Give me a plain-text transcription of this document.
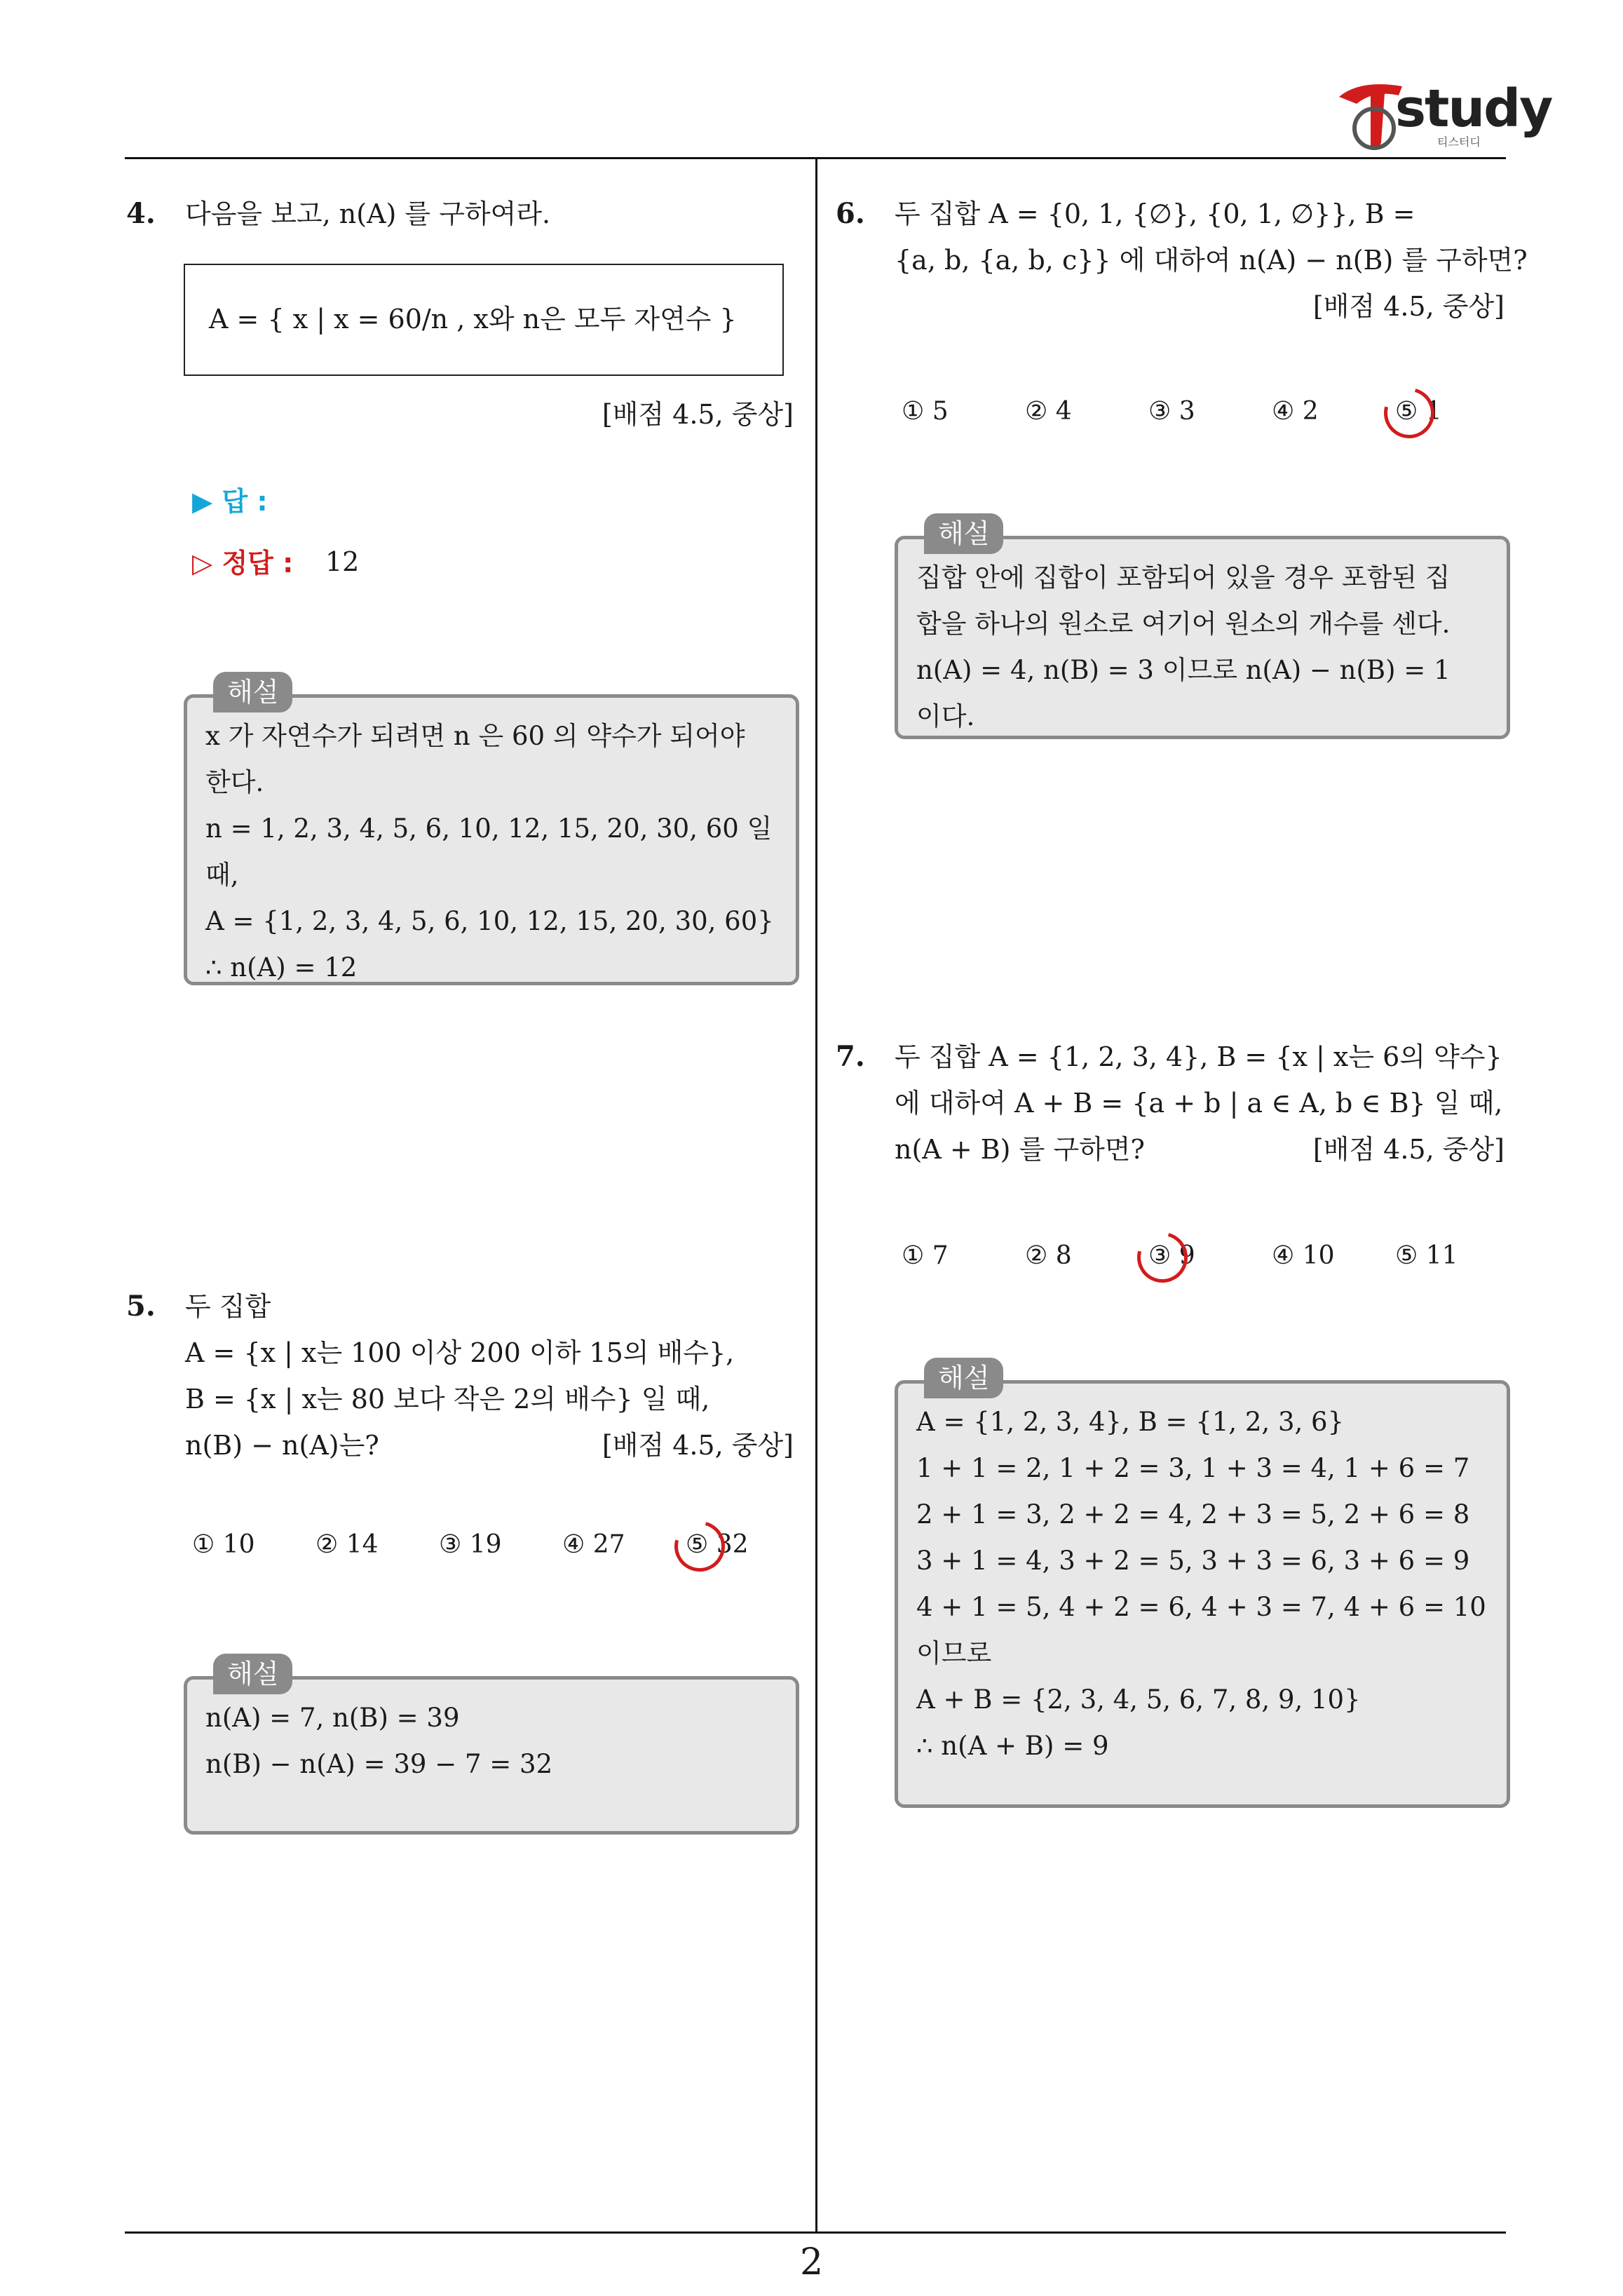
study
티스터디
4. 다음을 보고, n(A) 를 구하여라.
A = { x | x = 60/n , x와 n은 모두 자연수 }
[배점 4.5, 중상]
▶ 답 :
▷ 정답 : 12
x 가 자연수가 되려면 n 은 60 의 약수가 되어야
한다.
n = 1, 2, 3, 4, 5, 6, 10, 12, 15, 20, 30, 60 일
때,
A = {1, 2, 3, 4, 5, 6, 10, 12, 15, 20, 30, 60}
∴ n(A) = 12
해설
5. 두 집합
A = {x | x는 100 이상 200 이하 15의 배수},
B = {x | x는 80 보다 작은 2의 배수} 일 때,
n(B) − n(A)는?	[배점 4.5, 중상]
① 10 ② 14 ③ 19 ④ 27 ⑤ 32
n(A) = 7, n(B) = 39
n(B) − n(A) = 39 − 7 = 32
해설
6. 두 집합 A = {0, 1, {∅}, {0, 1, ∅}}, B =
{a, b, {a, b, c}} 에 대하여 n(A) − n(B) 를 구하면?
[배점 4.5, 중상]
① 5	② 4	③ 3	④ 2	⑤ 1
집합 안에 집합이 포함되어 있을 경우 포함된 집
합을 하나의 원소로 여기어 원소의 개수를 센다.
n(A) = 4, n(B) = 3 이므로 n(A) − n(B) = 1
이다.
해설
7. 두 집합 A = {1, 2, 3, 4}, B = {x | x는 6의 약수}
에 대하여 A + B = {a + b | a ∈ A, b ∈ B} 일 때,
n(A + B) 를 구하면?	[배점 4.5, 중상]
① 7	② 8	③ 9	④ 10 ⑤ 11
A = {1, 2, 3, 4}, B = {1, 2, 3, 6}
1 + 1 = 2, 1 + 2 = 3, 1 + 3 = 4, 1 + 6 = 7
2 + 1 = 3, 2 + 2 = 4, 2 + 3 = 5, 2 + 6 = 8
3 + 1 = 4, 3 + 2 = 5, 3 + 3 = 6, 3 + 6 = 9
4 + 1 = 5, 4 + 2 = 6, 4 + 3 = 7, 4 + 6 = 10
이므로
A + B = {2, 3, 4, 5, 6, 7, 8, 9, 10}
∴ n(A + B) = 9
해설
2
